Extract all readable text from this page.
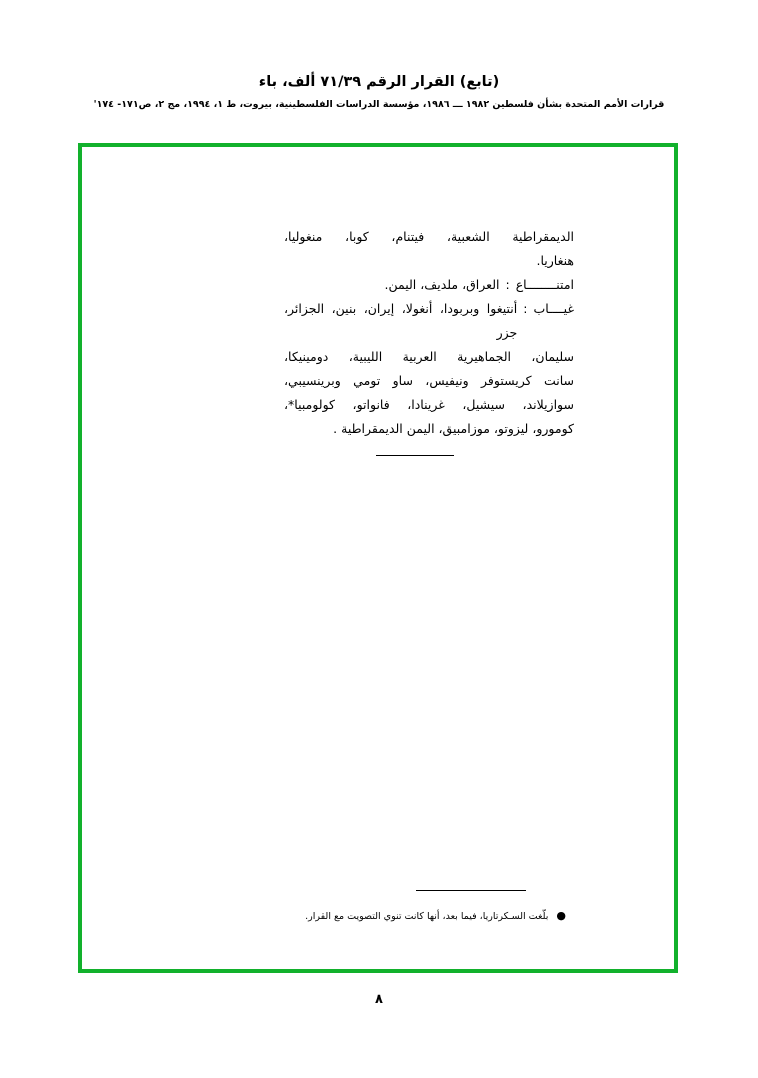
(تابع) القرار الرقم ٧١/٣٩ ألف، باء
قرارات الأمم المتحدة بشأن فلسطين ١٩٨٢ ـــ ١٩٨٦، مؤسسة الدراسات الفلسطينية، بيروت، ط ١، ١٩٩٤، مج ٢، ص١٧١- ١٧٤'
الديمقراطية الشعبية، فيتنام، كوبا، منغوليا،
هنغاريا.
امتنــــــــاع
:
العراق، ملديف، اليمن.
غيــــاب
:
أنتيغوا وبربودا، أنغولا، إيران، بنين، الجزائر، جزر
سليمان، الجماهيرية العربية الليبية، دومينيكا،
سانت كريستوفر ونيفيس، ساو تومي وبرينسيبي،
سوازيلاند، سيشيل، غرينادا، فانواتو، كولومبيا*،
كومورو، ليزوتو، موزامبيق، اليمن الديمقراطية .
●
بلّغت السـكرتاريا، فيما بعد، أنها كانت تنوي التصويت مع القرار.
٨
